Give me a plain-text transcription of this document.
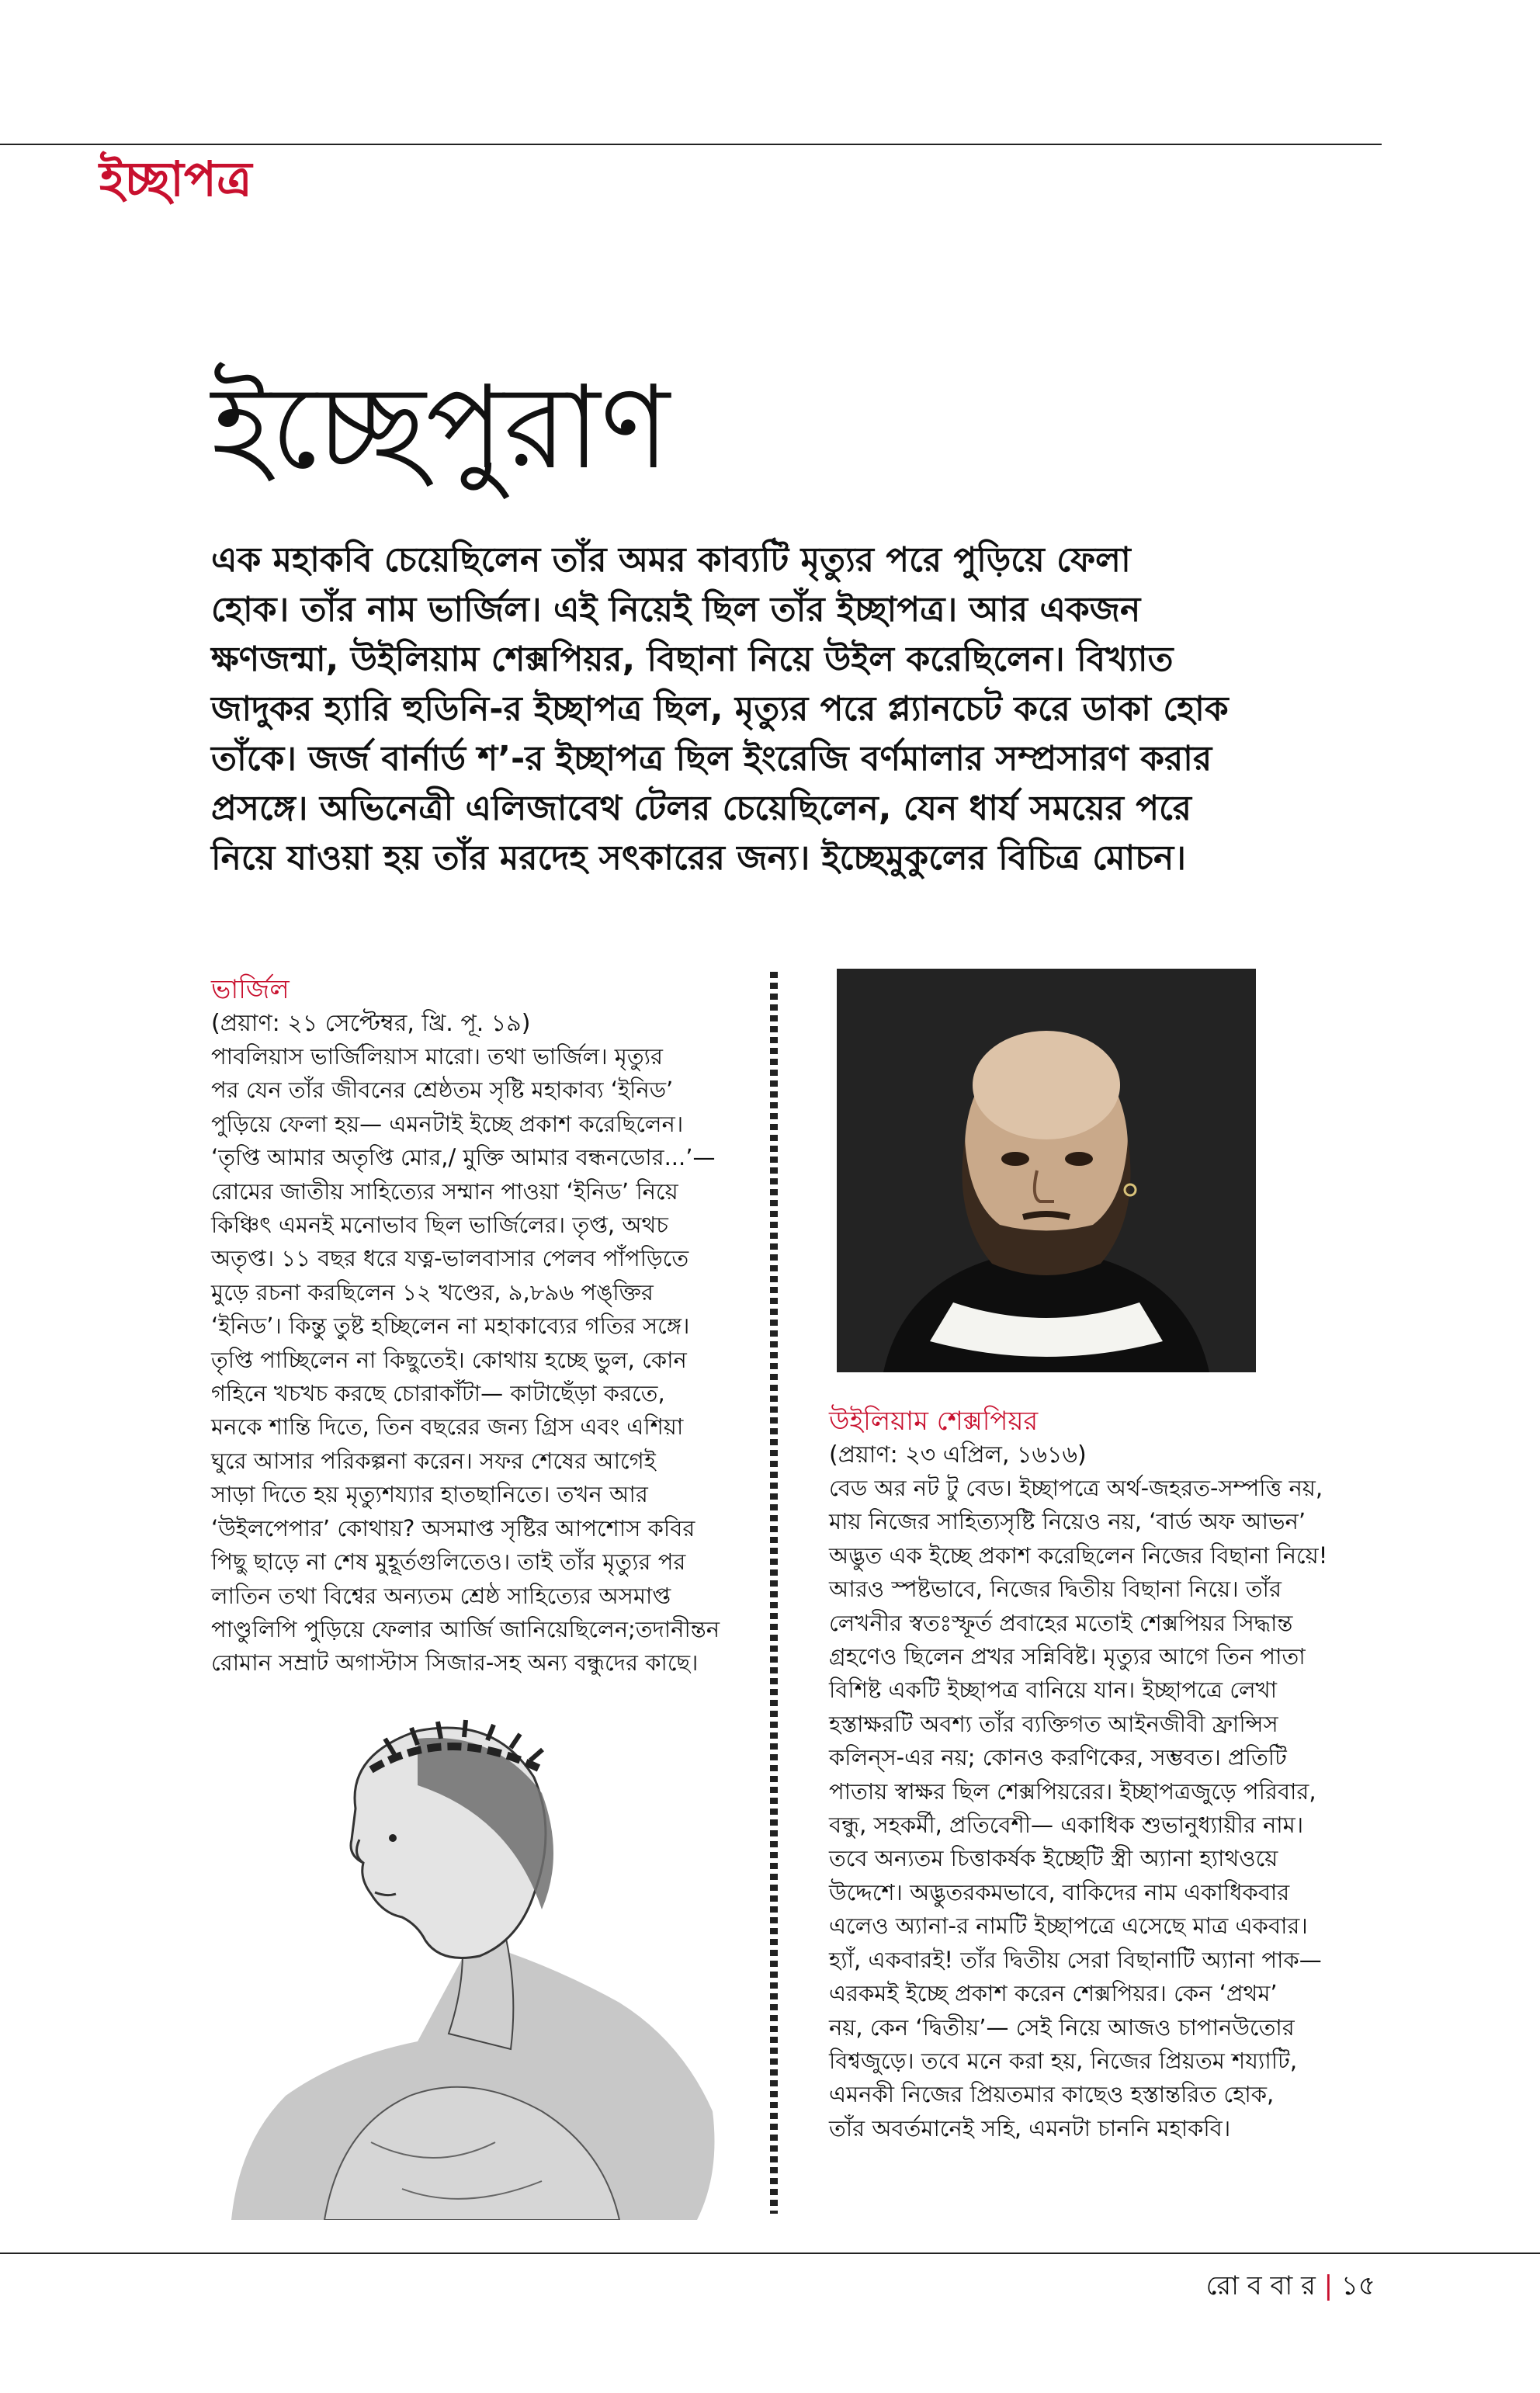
ইচ্ছাপত্র
ইচ্ছেপুরাণ

এক মহাকবি চেয়েছিলেন তাঁর অমর কাব্যটি মৃত্যুর পরে পুড়িয়ে ফেলা

হোক। তাঁর নাম ভার্জিল। এই নিয়েই ছিল তাঁর ইচ্ছাপত্র। আর একজন

ক্ষণজন্মা, উইলিয়াম শেক্সপিয়র, বিছানা নিয়ে উইল করেছিলেন। বিখ্যাত

জাদুকর হ্যারি হুডিনি-র ইচ্ছাপত্র ছিল, মৃত্যুর পরে প্ল্যানচেট করে ডাকা হোক

তাঁকে। জর্জ বার্নার্ড শ’-র ইচ্ছাপত্র ছিল ইংরেজি বর্ণমালার সম্প্রসারণ করার

প্রসঙ্গে। অভিনেত্রী এলিজাবেথ টেলর চেয়েছিলেন, যেন ধার্য সময়ের পরে

নিয়ে যাওয়া হয় তাঁর মরদেহ সৎকারের জন্য। ইচ্ছেমুকুলের বিচিত্র মোচন।

ভার্জিল
(প্রয়াণ: ২১ সেপ্টেম্বর, খ্রি. পূ. ১৯)

পাবলিয়াস ভার্জিলিয়াস মারো। তথা ভার্জিল। মৃত্যুর

পর যেন তাঁর জীবনের শ্রেষ্ঠতম সৃষ্টি মহাকাব্য ‘ইনিড’

পুড়িয়ে ফেলা হয়— এমনটাই ইচ্ছে প্রকাশ করেছিলেন।

‘তৃপ্তি আমার অতৃপ্তি মোর,/ মুক্তি আমার বন্ধনডোর...’—

রোমের জাতীয় সাহিত্যের সম্মান পাওয়া ‘ইনিড’ নিয়ে

কিঞ্চিৎ এমনই মনোভাব ছিল ভার্জিলের। তৃপ্ত, অথচ

অতৃপ্ত। ১১ বছর ধরে যত্ন-ভালবাসার পেলব পাঁপড়িতে

মুড়ে রচনা করছিলেন ১২ খণ্ডের, ৯,৮৯৬ পঙ্‌ক্তির

‘ইনিড’। কিন্তু তুষ্ট হচ্ছিলেন না মহাকাব্যের গতির সঙ্গে।

তৃপ্তি পাচ্ছিলেন না কিছুতেই। কোথায় হচ্ছে ভুল, কোন

গহিনে খচখচ করছে চোরাকাঁটা— কাটাছেঁড়া করতে,

মনকে শান্তি দিতে, তিন বছরের জন্য গ্রিস এবং এশিয়া

ঘুরে আসার পরিকল্পনা করেন। সফর শেষের আগেই

সাড়া দিতে হয় মৃত্যুশয্যার হাতছানিতে। তখন আর

‘উইলপেপার’ কোথায়? অসমাপ্ত সৃষ্টির আপশোস কবির

পিছু ছাড়ে না শেষ মুহূর্তগুলিতেও। তাই তাঁর মৃত্যুর পর

লাতিন তথা বিশ্বের অন্যতম শ্রেষ্ঠ সাহিত্যের অসমাপ্ত

পাণ্ডুলিপি পুড়িয়ে ফেলার আর্জি জানিয়েছিলেন;তদানীন্তন

রোমান সম্রাট অগাস্টাস সিজার-সহ অন্য বন্ধুদের কাছে।

উইলিয়াম শেক্সপিয়র
(প্রয়াণ: ২৩ এপ্রিল, ১৬১৬)

বেড অর নট টু বেড। ইচ্ছাপত্রে অর্থ-জহরত-সম্পত্তি নয়,

মায় নিজের সাহিত্যসৃষ্টি নিয়েও নয়, ‘বার্ড অফ আভন’

অদ্ভুত এক ইচ্ছে প্রকাশ করেছিলেন নিজের বিছানা নিয়ে!

আরও স্পষ্টভাবে, নিজের দ্বিতীয় বিছানা নিয়ে। তাঁর

লেখনীর স্বতঃস্ফূর্ত প্রবাহের মতোই শেক্সপিয়র সিদ্ধান্ত

গ্রহণেও ছিলেন প্রখর সন্নিবিষ্ট। মৃত্যুর আগে তিন পাতা

বিশিষ্ট একটি ইচ্ছাপত্র বানিয়ে যান। ইচ্ছাপত্রে লেখা

হস্তাক্ষরটি অবশ্য তাঁর ব্যক্তিগত আইনজীবী ফ্রান্সিস

কলিন্‌স-এর নয়; কোনও করণিকের, সম্ভবত। প্রতিটি

পাতায় স্বাক্ষর ছিল শেক্সপিয়রের। ইচ্ছাপত্রজুড়ে পরিবার,

বন্ধু, সহকর্মী, প্রতিবেশী— একাধিক শুভানুধ্যায়ীর নাম।

তবে অন্যতম চিত্তাকর্ষক ইচ্ছেটি স্ত্রী অ্যানা হ্যাথওয়ে

উদ্দেশে। অদ্ভুতরকমভাবে, বাকিদের নাম একাধিকবার

এলেও অ্যানা-র নামটি ইচ্ছাপত্রে এসেছে মাত্র একবার।

হ্যাঁ, একবারই! তাঁর দ্বিতীয় সেরা বিছানাটি অ্যানা পাক—

এরকমই ইচ্ছে প্রকাশ করেন শেক্সপিয়র। কেন ‘প্রথম’

নয়, কেন ‘দ্বিতীয়’— সেই নিয়ে আজও চাপানউতোর

বিশ্বজুড়ে। তবে মনে করা হয়, নিজের প্রিয়তম শয্যাটি,

এমনকী নিজের প্রিয়তমার কাছেও হস্তান্তরিত হোক,

তাঁর অবর্তমানেই সহি, এমনটা চাননি মহাকবি।

রো ব বা র | ১৫
